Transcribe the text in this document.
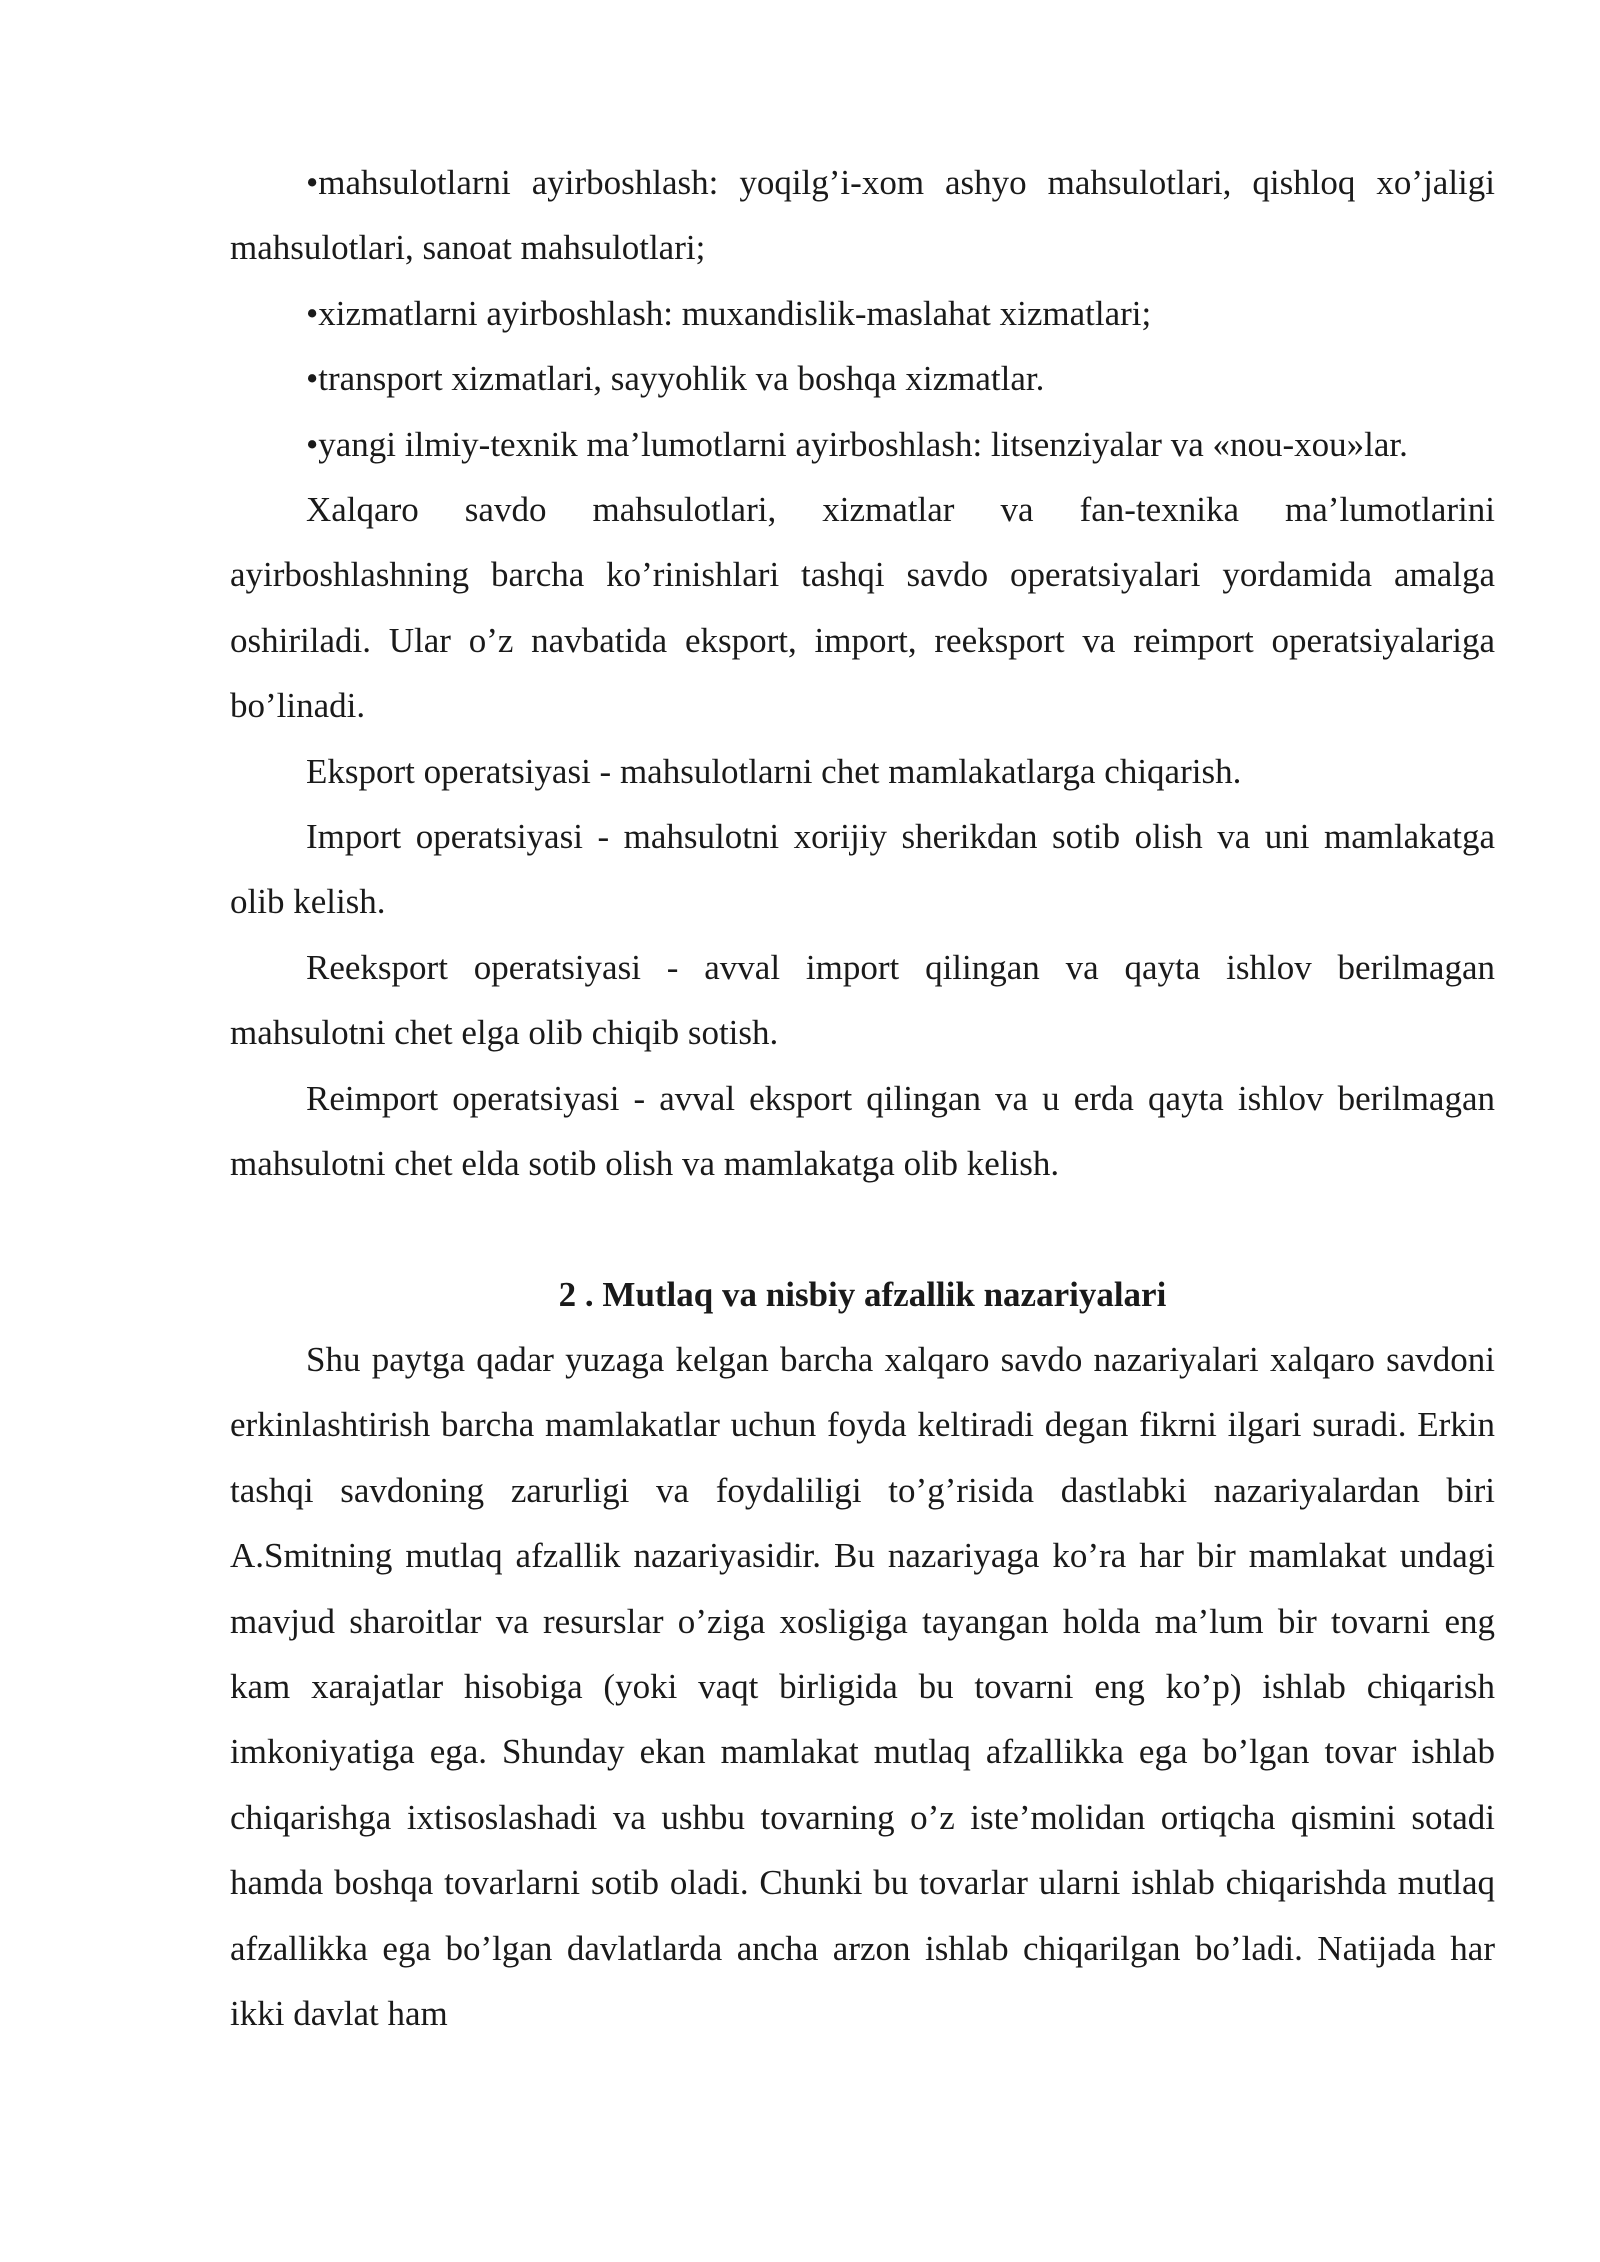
•mahsulotlarni ayirboshlash: yoqilg’i-xom ashyo mahsulotlari, qishloq xo’jaligi mahsulotlari, sanoat mahsulotlari;

•xizmatlarni ayirboshlash: muxandislik-maslahat xizmatlari;

•transport xizmatlari, sayyohlik va boshqa xizmatlar.

•yangi ilmiy-texnik ma’lumotlarni ayirboshlash: litsenziyalar va «nou-xou»lar.

Xalqaro savdo mahsulotlari, xizmatlar va fan-texnika ma’lumotlarini ayirboshlashning barcha ko’rinishlari tashqi savdo operatsiyalari yordamida amalga oshiriladi. Ular o’z navbatida eksport, import, reeksport va reimport operatsiyalariga bo’linadi.

Eksport operatsiyasi - mahsulotlarni chet mamlakatlarga chiqarish.

Import operatsiyasi - mahsulotni xorijiy sherikdan sotib olish va uni mamlakatga olib kelish.

Reeksport operatsiyasi - avval import qilingan va qayta ishlov berilmagan mahsulotni chet elga olib chiqib sotish.

Reimport operatsiyasi - avval eksport qilingan va u erda qayta ishlov berilmagan mahsulotni chet elda sotib olish va mamlakatga olib kelish.

2 . Mutlaq va nisbiy afzallik nazariyalari

Shu paytga qadar yuzaga kelgan barcha xalqaro savdo nazariyalari xalqaro savdoni erkinlashtirish barcha mamlakatlar uchun foyda keltiradi degan fikrni ilgari suradi. Erkin tashqi savdoning zarurligi va foydaliligi to’g’risida dastlabki nazariyalardan biri A.Smitning mutlaq afzallik nazariyasidir. Bu nazariyaga ko’ra har bir mamlakat undagi mavjud sharoitlar va resurslar o’ziga xosligiga tayangan holda ma’lum bir tovarni eng kam xarajatlar hisobiga (yoki vaqt birligida bu tovarni eng ko’p) ishlab chiqarish imkoniyatiga ega. Shunday ekan mamlakat mutlaq afzallikka ega bo’lgan tovar ishlab chiqarishga ixtisoslashadi va ushbu tovarning o’z iste’molidan ortiqcha qismini sotadi hamda boshqa tovarlarni sotib oladi. Chunki bu tovarlar ularni ishlab chiqarishda mutlaq afzallikka ega bo’lgan davlatlarda ancha arzon ishlab chiqarilgan bo’ladi. Natijada har ikki davlat ham
